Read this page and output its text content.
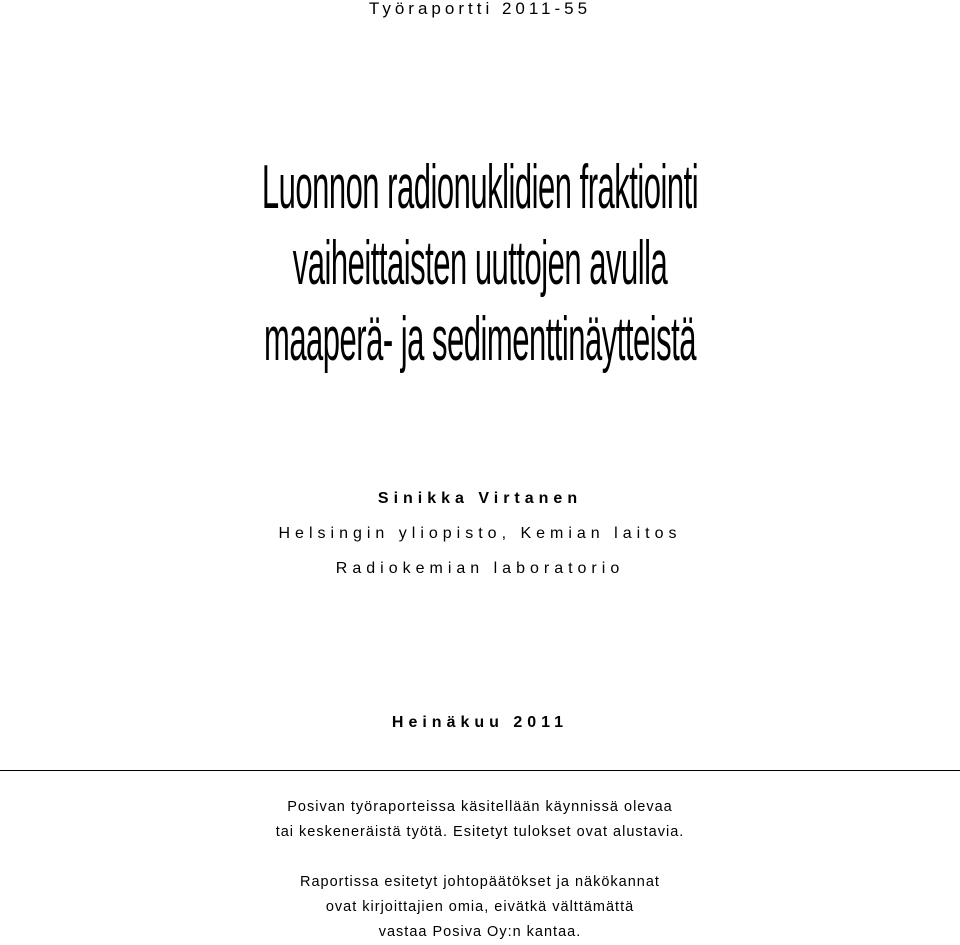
Työraportti 2011-55
Luonnon radionuklidien fraktiointi
vaiheittaisten uuttojen avulla
maaperä- ja sedimenttinäytteistä
Sinikka Virtanen
Helsingin yliopisto, Kemian laitos
Radiokemian laboratorio
Heinäkuu 2011

Posivan työraporteissa käsitellään käynnissä olevaa

tai keskeneräistä työtä. Esitetyt tulokset ovat alustavia.

Raportissa esitetyt johtopäätökset ja näkökannat

ovat kirjoittajien omia, eivätkä välttämättä

vastaa Posiva Oy:n kantaa.
